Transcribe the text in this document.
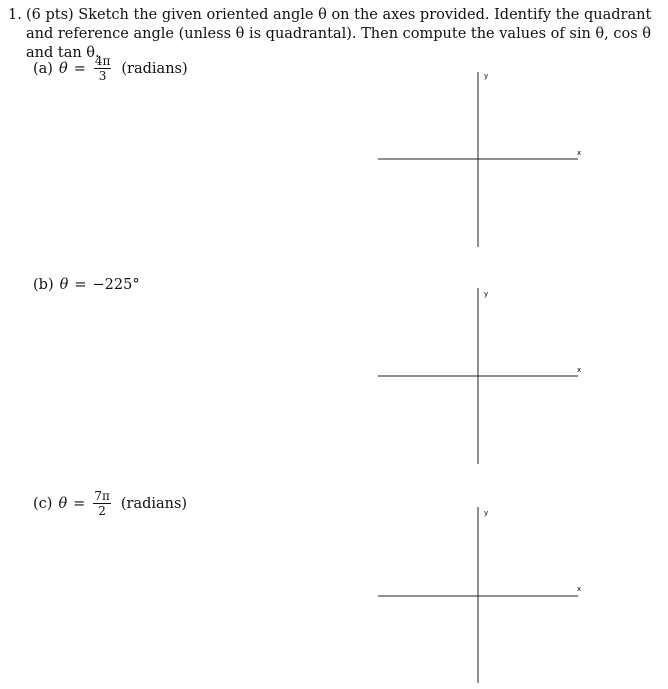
1. (6 pts) Sketch the given oriented angle θ on the axes provided. Identify the quadrant and reference angle (unless θ is quadrantal). Then compute the values of sin θ, cos θ and tan θ.
(a) $\theta = \frac{4\pi}{3}$ (radians)
(b) θ = −225°
(c) $\theta = \frac{7\pi}{2}$ (radians)
y
x
y
x
y
x
